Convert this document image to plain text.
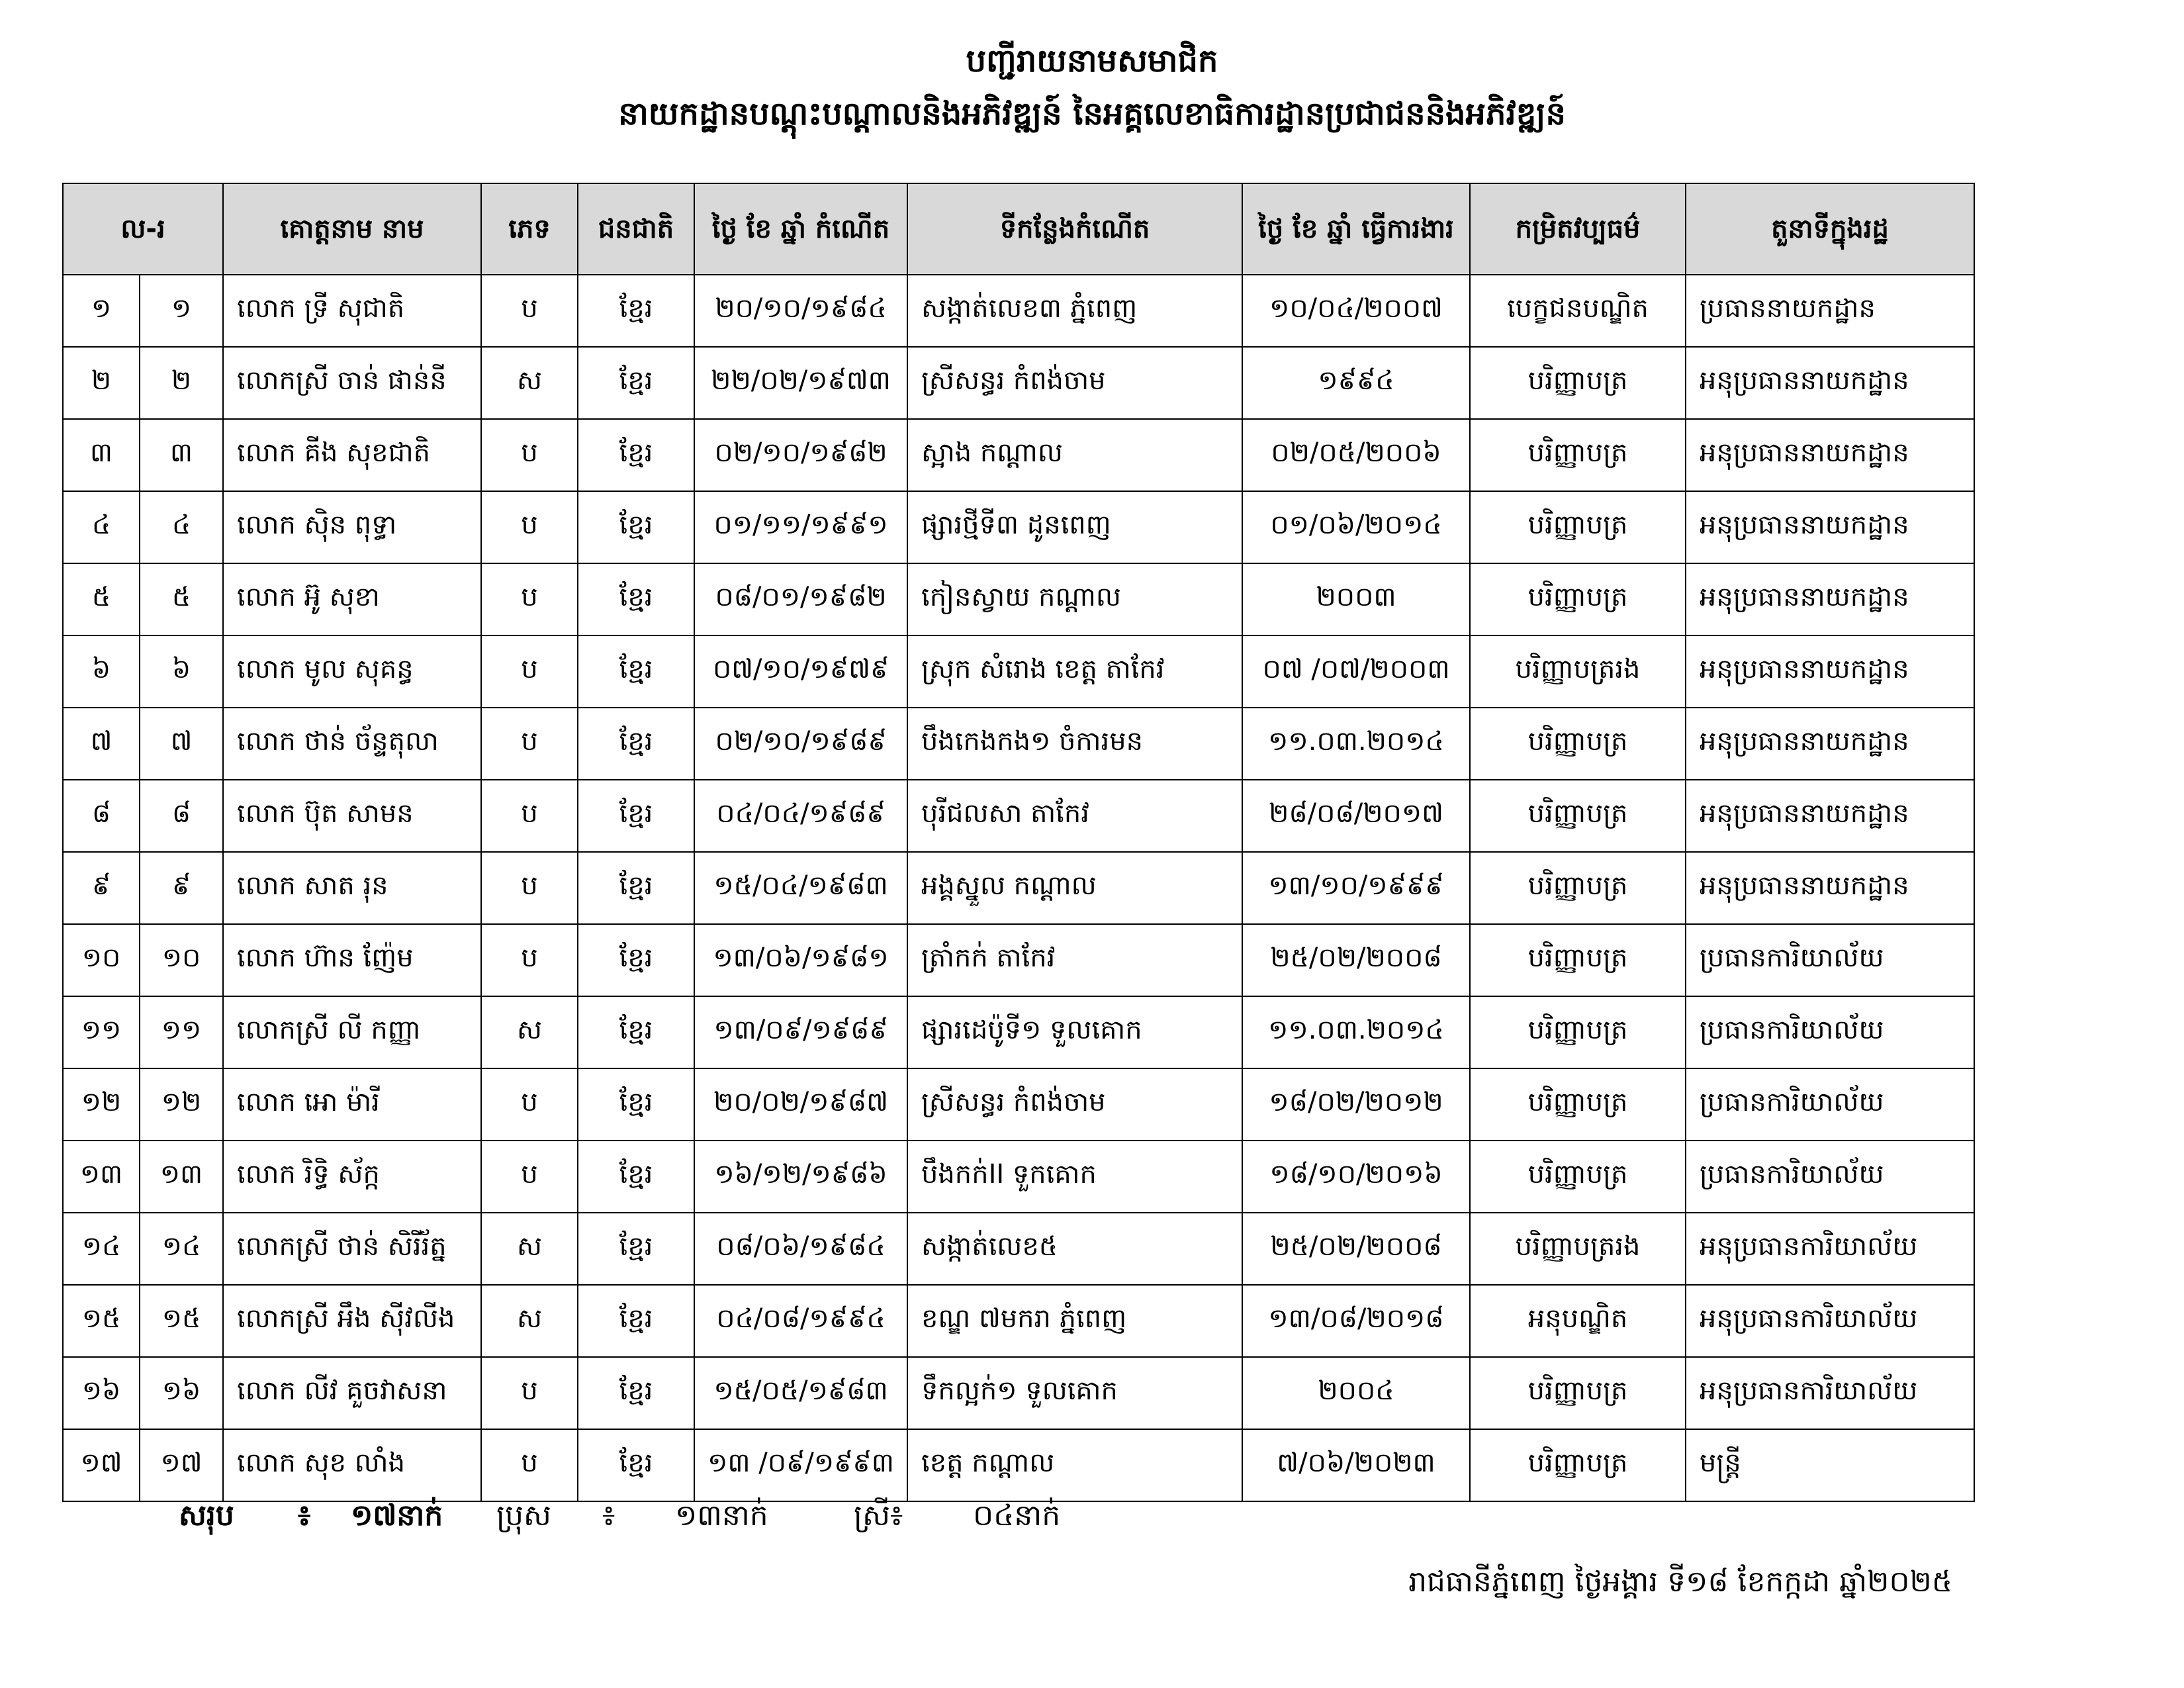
បញ្ជីរាយនាមសមាជិក
នាយកដ្ឋានបណ្តុះបណ្តាលនិងអភិវឌ្ឍន៍ នៃអគ្គលេខាធិការដ្ឋានប្រជាជននិងអភិវឌ្ឍន៍
ល-រ		គោត្តនាម នាម	ភេទ	ជនជាតិ	ថ្ងៃ ខែ ឆ្នាំ កំណើត	ទីកន្លែងកំណើត	ថ្ងៃ ខែ ឆ្នាំ ធ្វើការងារ	កម្រិតវប្បធម៌	តួនាទីក្នុងរដ្ឋ
១	១	លោក ទ្រី សុជាតិ	ប	ខ្មែរ	២០/១០/១៩៨៤	សង្កាត់លេខ៣ ភ្នំពេញ	១០/០៤/២០០៧	បេក្ខជនបណ្ឌិត	ប្រធាននាយកដ្ឋាន
២	២	លោកស្រី ចាន់ ផាន់នី	ស	ខ្មែរ	២២/០២/១៩៧៣	ស្រីសន្ធរ កំពង់ចាម	១៩៩៤	បរិញ្ញាបត្រ	អនុប្រធាននាយកដ្ឋាន
៣	៣	លោក គីង សុខជាតិ	ប	ខ្មែរ	០២/១០/១៩៨២	ស្អាង កណ្តាល	០២/០៥/២០០៦	បរិញ្ញាបត្រ	អនុប្រធាននាយកដ្ឋាន
៤	៤	លោក ស៊ិន ពុទ្ធា	ប	ខ្មែរ	០១/១១/១៩៩១	ផ្សារថ្មីទី៣ ដូនពេញ	០១/០៦/២០១៤	បរិញ្ញាបត្រ	អនុប្រធាននាយកដ្ឋាន
៥	៥	លោក អ៊ូ សុខា	ប	ខ្មែរ	០៨/០១/១៩៨២	កៀនស្វាយ កណ្តាល	២០០៣	បរិញ្ញាបត្រ	អនុប្រធាននាយកដ្ឋាន
៦	៦	លោក មូល សុគន្ធ	ប	ខ្មែរ	០៧/១០/១៩៧៩	ស្រុក សំរោង ខេត្ត តាកែវ	០៧ /០៧/២០០៣	បរិញ្ញាបត្ររង	អនុប្រធាននាយកដ្ឋាន
៧	៧	លោក ថាន់ ច័ន្ទតុលា	ប	ខ្មែរ	០២/១០/១៩៨៩	បឹងកេងកង១ ចំការមន	១១.០៣.២០១៤	បរិញ្ញាបត្រ	អនុប្រធាននាយកដ្ឋាន
៨	៨	លោក ប៊ុត សាមន	ប	ខ្មែរ	០៤/០៤/១៩៨៩	បុរីជលសា តាកែវ	២៨/០៨/២០១៧	បរិញ្ញាបត្រ	អនុប្រធាននាយកដ្ឋាន
៩	៩	លោក សាត រុន	ប	ខ្មែរ	១៥/០៤/១៩៨៣	អង្គស្នួល កណ្តាល	១៣/១០/១៩៩៩	បរិញ្ញាបត្រ	អនុប្រធាននាយកដ្ឋាន
១០	១០	លោក ហ៊ាន ញ៉ែម	ប	ខ្មែរ	១៣/០៦/១៩៨១	ត្រាំកក់ តាកែវ	២៥/០២/២០០៨	បរិញ្ញាបត្រ	ប្រធានការិយាល័យ
១១	១១	លោកស្រី លី កញ្ញា	ស	ខ្មែរ	១៣/០៩/១៩៨៩	ផ្សារដេប៉ូទី១ ទួលគោក	១១.០៣.២០១៤	បរិញ្ញាបត្រ	ប្រធានការិយាល័យ
១២	១២	លោក អោ ម៉ារី	ប	ខ្មែរ	២០/០២/១៩៨៧	ស្រីសន្ធរ កំពង់ចាម	១៨/០២/២០១២	បរិញ្ញាបត្រ	ប្រធានការិយាល័យ
១៣	១៣	លោក រិទ្ធិ ស័ក្ក	ប	ខ្មែរ	១៦/១២/១៩៨៦	បឹងកក់II ទួកគោក	១៨/១០/២០១៦	បរិញ្ញាបត្រ	ប្រធានការិយាល័យ
១៤	១៤	លោកស្រី ថាន់ សិរីរ័ត្ន	ស	ខ្មែរ	០៨/០៦/១៩៨៤	សង្កាត់លេខ៥	២៥/០២/២០០៨	បរិញ្ញាបត្ររង	អនុប្រធានការិយាល័យ
១៥	១៥	លោកស្រី អឹង ស៊ីវលីង	ស	ខ្មែរ	០៤/០៨/១៩៩៤	ខណ្ឌ ៧មករា ភ្នំពេញ	១៣/០៨/២០១៨	អនុបណ្ឌិត	អនុប្រធានការិយាល័យ
១៦	១៦	លោក លីវ គួចវាសនា	ប	ខ្មែរ	១៥/០៥/១៩៨៣	ទឹកល្អក់១ ទួលគោក	២០០៤	បរិញ្ញាបត្រ	អនុប្រធានការិយាល័យ
១៧	១៧	លោក សុខ លាំង	ប	ខ្មែរ	១៣ /០៩/១៩៩៣	ខេត្ត កណ្តាល	៧/០៦/២០២៣	បរិញ្ញាបត្រ	មន្ត្រី
សរុប ៖ ១៧នាក់ ប្រុស ៖ ១៣នាក់	ស្រី៖ ០៤នាក់
រាជធានីភ្នំពេញ ថ្ងៃអង្គារ ទី១៨ ខែកក្កដា ឆ្នាំ២០២៥
